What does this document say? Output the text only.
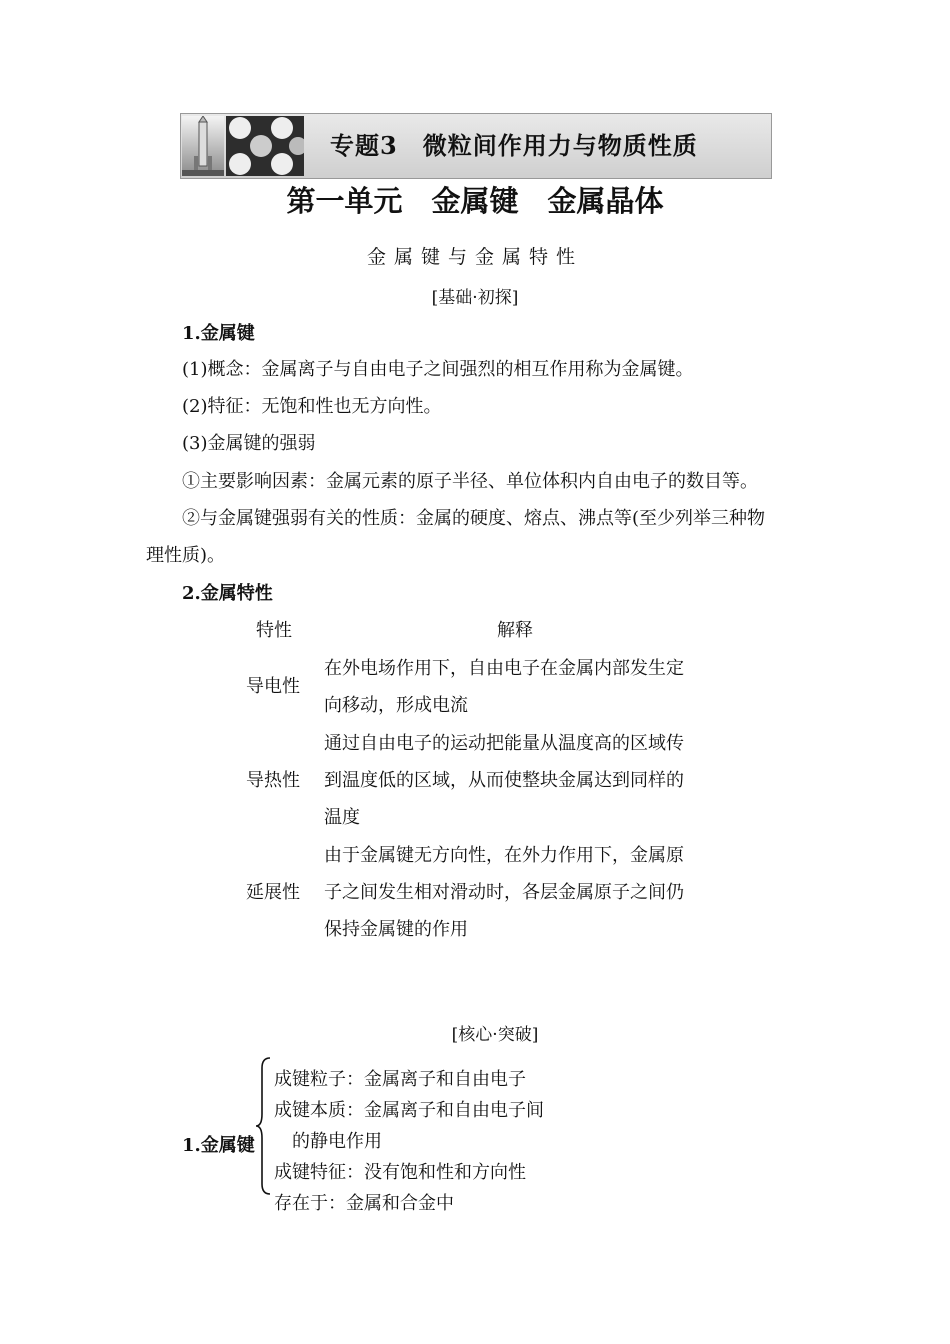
专题3　微粒间作用力与物质性质
第一单元　金属键　金属晶体
金属键与金属特性
[基础·初探]
1.金属键
(1)概念：金属离子与自由电子之间强烈的相互作用称为金属键。
(2)特征：无饱和性也无方向性。
(3)金属键的强弱
①主要影响因素：金属元素的原子半径、单位体积内自由电子的数目等。
②与金属键强弱有关的性质：金属的硬度、熔点、沸点等(至少列举三种物
理性质)。
2.金属特性
特性	解释
导电性
在外电场作用下，自由电子在金属内部发生定
向移动，形成电流
导热性
通过自由电子的运动把能量从温度高的区域传
到温度低的区域，从而使整块金属达到同样的
温度
延展性
由于金属键无方向性，在外力作用下，金属原
子之间发生相对滑动时，各层金属原子之间仍
保持金属键的作用
[核心·突破]
1.金属键
成键粒子：金属离子和自由电子
成键本质：金属离子和自由电子间
的静电作用
成键特征：没有饱和性和方向性
存在于：金属和合金中
